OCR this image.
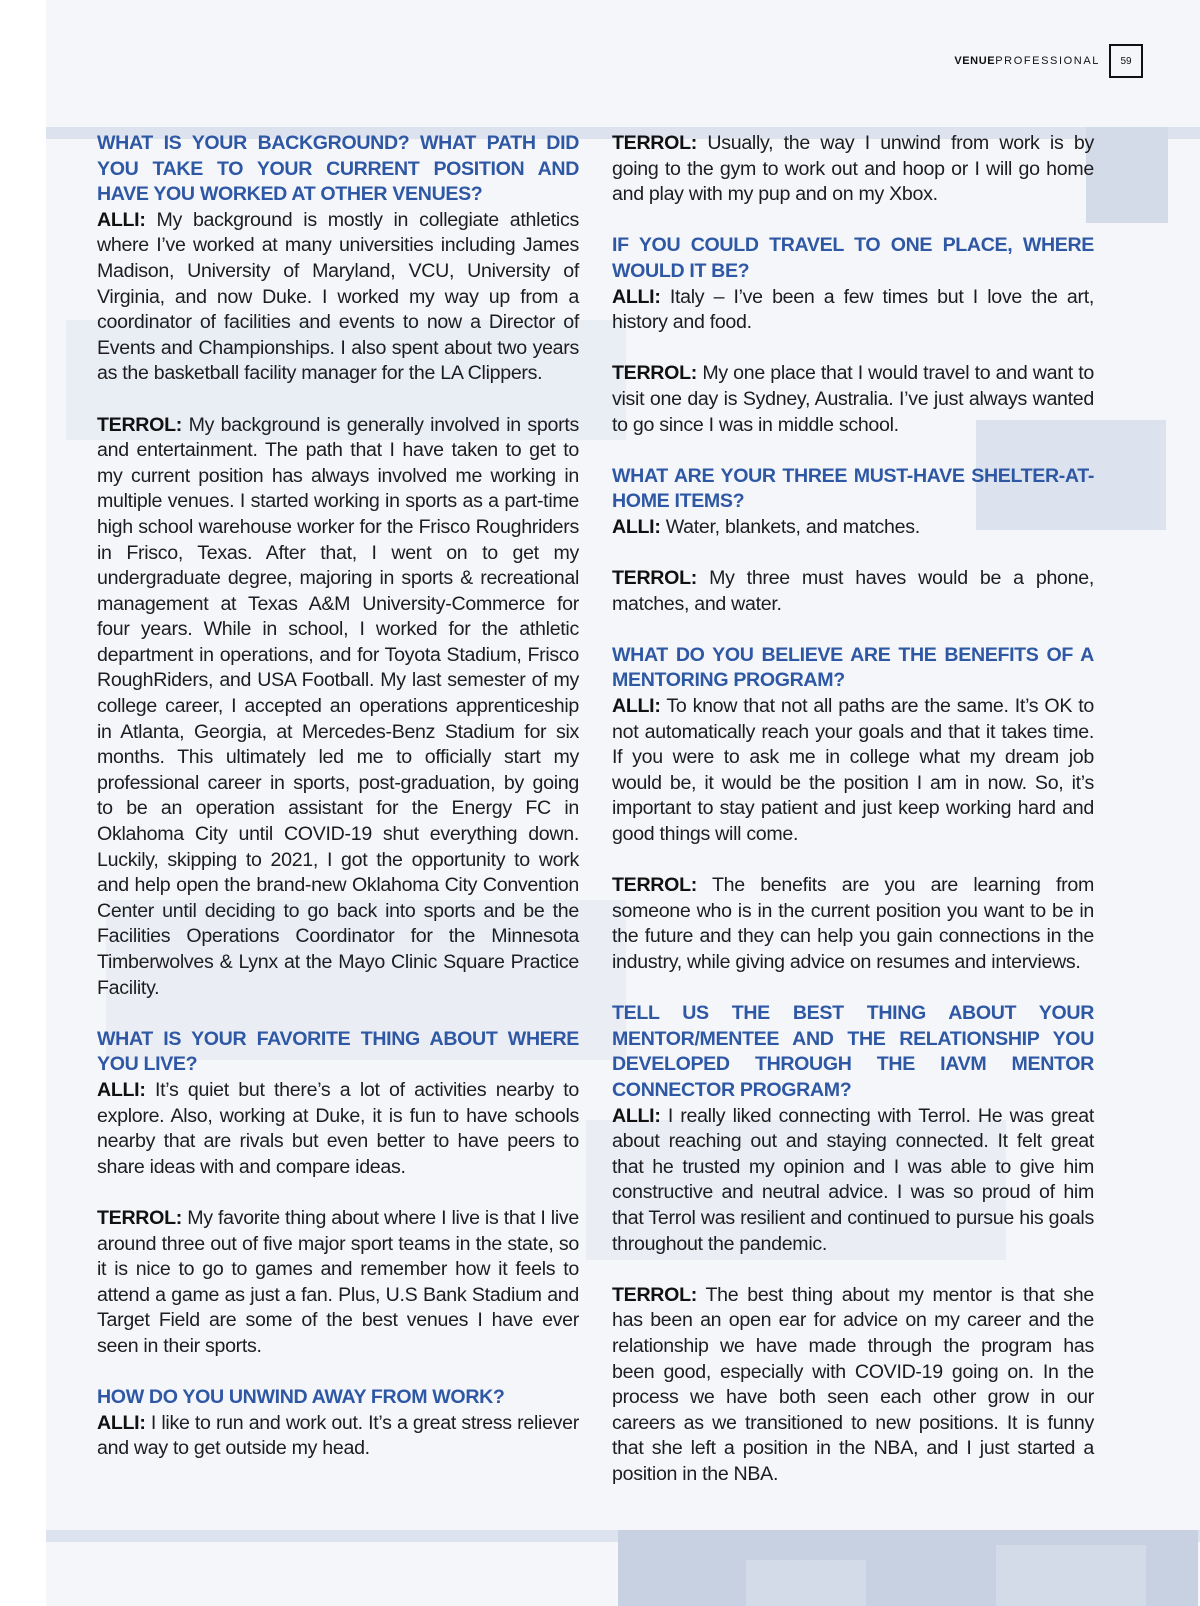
VENUEPROFESSIONAL	59
WHAT IS YOUR BACKGROUND? WHAT PATH DID YOU TAKE TO YOUR CURRENT POSITION AND HAVE YOU WORKED AT OTHER VENUES?
ALLI: My background is mostly in collegiate athletics where I’ve worked at many universities including James Madison, University of Maryland, VCU, University of Virginia, and now Duke. I worked my way up from a coordinator of facilities and events to now a Director of Events and Championships. I also spent about two years as the basketball facility manager for the LA Clippers.
TERROL: My background is generally involved in sports and entertainment. The path that I have taken to get to my current position has always involved me working in multiple venues. I started working in sports as a part-time high school warehouse worker for the Frisco Roughriders in Frisco, Texas. After that, I went on to get my undergraduate degree, majoring in sports & recreational management at Texas A&M University-Commerce for four years. While in school, I worked for the athletic department in operations, and for Toyota Stadium, Frisco RoughRiders, and USA Football. My last semester of my college career, I accepted an operations apprenticeship in Atlanta, Georgia, at Mercedes-Benz Stadium for six months. This ultimately led me to officially start my professional career in sports, post-graduation, by going to be an operation assistant for the Energy FC in Oklahoma City until COVID-19 shut everything down. Luckily, skipping to 2021, I got the opportunity to work and help open the brand-new Oklahoma City Convention Center until deciding to go back into sports and be the Facilities Operations Coordinator for the Minnesota Timberwolves & Lynx at the Mayo Clinic Square Practice Facility.
WHAT IS YOUR FAVORITE THING ABOUT WHERE YOU LIVE?
ALLI: It’s quiet but there’s a lot of activities nearby to explore. Also, working at Duke, it is fun to have schools nearby that are rivals but even better to have peers to share ideas with and compare ideas.
TERROL: My favorite thing about where I live is that I live around three out of five major sport teams in the state, so it is nice to go to games and remember how it feels to attend a game as just a fan. Plus, U.S Bank Stadium and Target Field are some of the best venues I have ever seen in their sports.
HOW DO YOU UNWIND AWAY FROM WORK?
ALLI: I like to run and work out. It’s a great stress reliever and way to get outside my head.
TERROL: Usually, the way I unwind from work is by going to the gym to work out and hoop or I will go home and play with my pup and on my Xbox.
IF YOU COULD TRAVEL TO ONE PLACE, WHERE WOULD IT BE?
ALLI: Italy – I’ve been a few times but I love the art, history and food.
TERROL: My one place that I would travel to and want to visit one day is Sydney, Australia. I’ve just always wanted to go since I was in middle school.
WHAT ARE YOUR THREE MUST-HAVE SHELTER-AT-HOME ITEMS?
ALLI: Water, blankets, and matches.
TERROL: My three must haves would be a phone, matches, and water.
WHAT DO YOU BELIEVE ARE THE BENEFITS OF A MENTORING PROGRAM?
ALLI: To know that not all paths are the same. It’s OK to not automatically reach your goals and that it takes time. If you were to ask me in college what my dream job would be, it would be the position I am in now. So, it’s important to stay patient and just keep working hard and good things will come.
TERROL: The benefits are you are learning from someone who is in the current position you want to be in the future and they can help you gain connections in the industry, while giving advice on resumes and interviews.
TELL US THE BEST THING ABOUT YOUR MENTOR/MENTEE AND THE RELATIONSHIP YOU DEVELOPED THROUGH THE IAVM MENTOR CONNECTOR PROGRAM?
ALLI: I really liked connecting with Terrol. He was great about reaching out and staying connected. It felt great that he trusted my opinion and I was able to give him constructive and neutral advice. I was so proud of him that Terrol was resilient and continued to pursue his goals throughout the pandemic.
TERROL: The best thing about my mentor is that she has been an open ear for advice on my career and the relationship we have made through the program has been good, especially with COVID-19 going on. In the process we have both seen each other grow in our careers as we transitioned to new positions. It is funny that she left a position in the NBA, and I just started a position in the NBA.
